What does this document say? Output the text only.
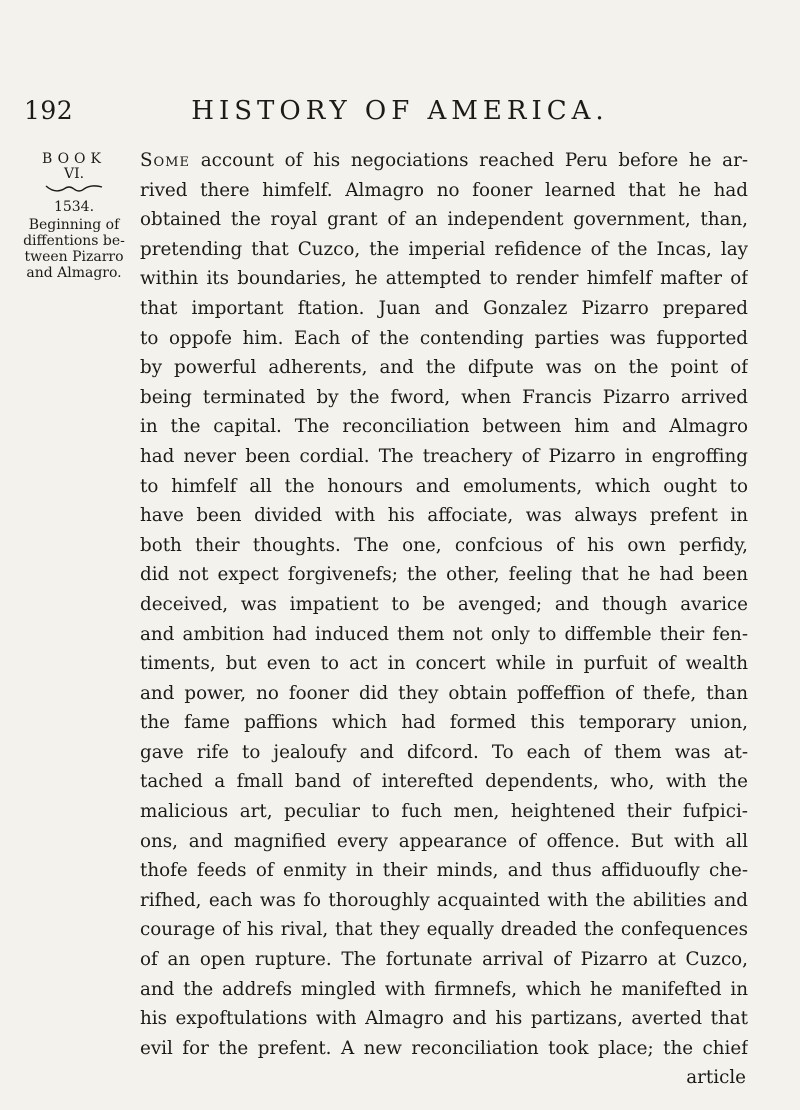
192	HISTORY OF AMERICA.
BOOK
VI.
1534.
Beginning of diffentions be-tween Pizarro and Almagro.
Some account of his negociations reached Peru before he ar-
rived there himfelf. Almagro no fooner learned that he had
obtained the royal grant of an independent government, than,
pretending that Cuzco, the imperial refidence of the Incas, lay
within its boundaries, he attempted to render himfelf mafter of
that important ftation. Juan and Gonzalez Pizarro prepared
to oppofe him. Each of the contending parties was fupported
by powerful adherents, and the difpute was on the point of
being terminated by the fword, when Francis Pizarro arrived
in the capital. The reconciliation between him and Almagro
had never been cordial. The treachery of Pizarro in engroffing
to himfelf all the honours and emoluments, which ought to
have been divided with his affociate, was always prefent in
both their thoughts. The one, confcious of his own perfidy,
did not expect forgivenefs; the other, feeling that he had been
deceived, was impatient to be avenged; and though avarice
and ambition had induced them not only to diffemble their fen-
timents, but even to act in concert while in purfuit of wealth
and power, no fooner did they obtain poffeffion of thefe, than
the fame paffions which had formed this temporary union,
gave rife to jealoufy and difcord. To each of them was at-
tached a fmall band of interefted dependents, who, with the
malicious art, peculiar to fuch men, heightened their fufpici-
ons, and magnified every appearance of offence. But with all
thofe feeds of enmity in their minds, and thus affiduoufly che-
rifhed, each was fo thoroughly acquainted with the abilities and
courage of his rival, that they equally dreaded the confequences
of an open rupture. The fortunate arrival of Pizarro at Cuzco,
and the addrefs mingled with firmnefs, which he manifefted in
his expoftulations with Almagro and his partizans, averted that
evil for the prefent. A new reconciliation took place; the chief
article
